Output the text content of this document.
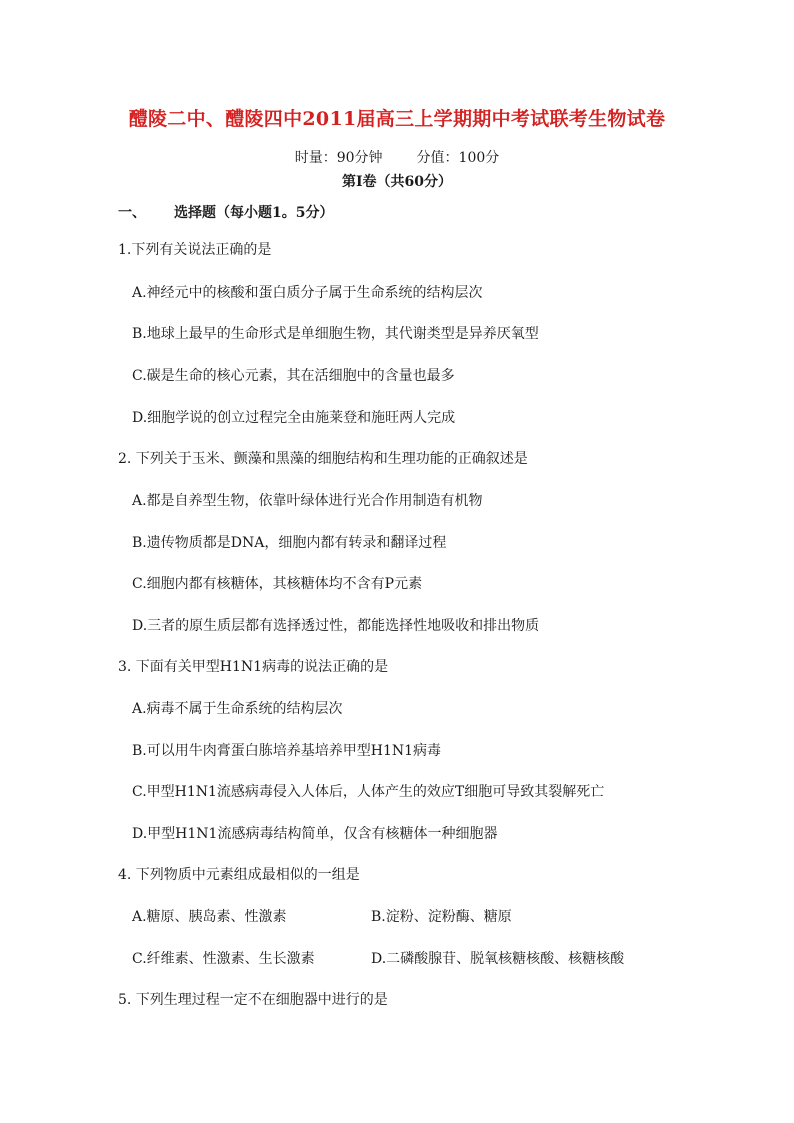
醴陵二中、醴陵四中2011届高三上学期期中考试联考生物试卷
时量：90分钟 分值：100分
第Ⅰ卷（共60分）
一、 选择题（每小题1。5分）
1.下列有关说法正确的是
A.神经元中的核酸和蛋白质分子属于生命系统的结构层次
B.地球上最早的生命形式是单细胞生物，其代谢类型是异养厌氧型
C.碳是生命的核心元素，其在活细胞中的含量也最多
D.细胞学说的创立过程完全由施莱登和施旺两人完成
2. 下列关于玉米、颤藻和黑藻的细胞结构和生理功能的正确叙述是
A.都是自养型生物，依靠叶绿体进行光合作用制造有机物
B.遗传物质都是DNA，细胞内都有转录和翻译过程
C.细胞内都有核糖体，其核糖体均不含有P元素
D.三者的原生质层都有选择透过性，都能选择性地吸收和排出物质
3. 下面有关甲型H1N1病毒的说法正确的是
A.病毒不属于生命系统的结构层次
B.可以用牛肉膏蛋白胨培养基培养甲型H1N1病毒
C.甲型H1N1流感病毒侵入人体后，人体产生的效应T细胞可导致其裂解死亡
D.甲型H1N1流感病毒结构简单，仅含有核糖体一种细胞器
4. 下列物质中元素组成最相似的一组是
A.糖原、胰岛素、性激素	B.淀粉、淀粉酶、糖原
C.纤维素、性激素、生长激素	D.二磷酸腺苷、脱氧核糖核酸、核糖核酸
5. 下列生理过程一定不在细胞器中进行的是
